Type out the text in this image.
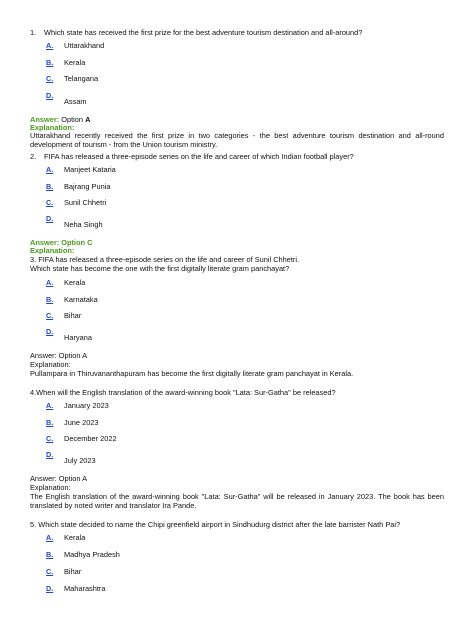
1.	Which state has received the first prize for the best adventure tourism destination and all-around?
A. Uttarakhand
B. Kerala
C. Telangana
D.
Assam
Answer: Option A
Explanation:
Uttarakhand recently received the first prize in two categories - the best adventure tourism destination and all-round development of tourism - from the Union tourism ministry.
2.	FIFA has released a three-episode series on the life and career of which Indian football player?
A. Manjeet Kataria
B. Bajrang Punia
C. Sunil Chhetri
D.
Neha Singh
Answer: Option C
Explanation:
3. FIFA has released a three-episode series on the life and career of Sunil Chhetri.
Which state has become the one with the first digitally literate gram panchayat?
A. Kerala
B. Karnataka
C. Bihar
D.
Haryana
Answer: Option A
Explanation:
Pullampara in Thiruvananthapuram has become the first digitally literate gram panchayat in Kerala.
4.When will the English translation of the award-winning book "Lata: Sur-Gatha" be released?
A. January 2023
B. June 2023
C. December 2022
D.
July 2023
Answer: Option A
Explanation:
The English translation of the award-winning book "Lata: Sur-Gatha" will be released in January 2023. The book has been translated by noted writer and translator Ira Pande.
5. Which state decided to name the Chipi greenfield airport in Sindhudurg district after the late barrister Nath Pai?
A. Kerala
B. Madhya Pradesh
C. Bihar
D. Maharashtra
